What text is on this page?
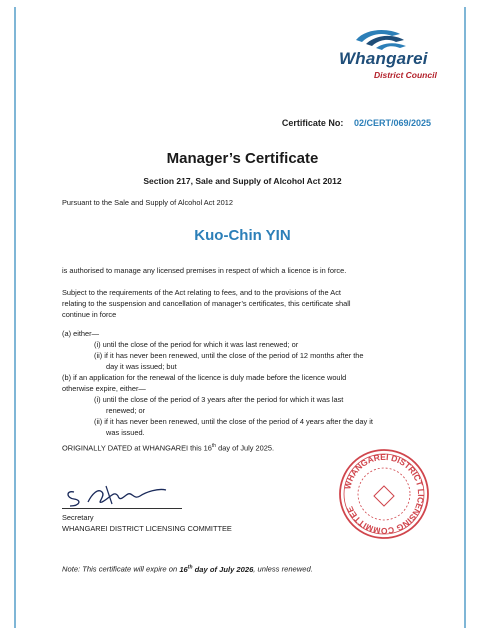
Whangarei
District Council
Certificate No: 02/CERT/069/2025
Manager’s Certificate
Section 217, Sale and Supply of Alcohol Act 2012
Pursuant to the Sale and Supply of Alcohol Act 2012
Kuo-Chin YIN
is authorised to manage any licensed premises in respect of which a licence is in force.
Subject to the requirements of the Act relating to fees, and to the provisions of the Act
relating to the suspension and cancellation of manager’s certificates, this certificate shall
continue in force
(a) either—
(i) until the close of the period for which it was last renewed; or
(ii) if it has never been renewed, until the close of the period of 12 months after the
day it was issued; but
(b) if an application for the renewal of the licence is duly made before the licence would
otherwise expire, either—
(i) until the close of the period of 3 years after the period for which it was last
renewed; or
(ii) if it has never been renewed, until the close of the period of 4 years after the day it
was issued.
ORIGINALLY DATED at WHANGAREI this 16th day of July 2025.
Secretary
WHANGAREI DISTRICT LICENSING COMMITTEE
WHANGAREI DISTRICT LICENSING COMMITTEE
Note: This certificate will expire on 16th day of July 2026, unless renewed.
